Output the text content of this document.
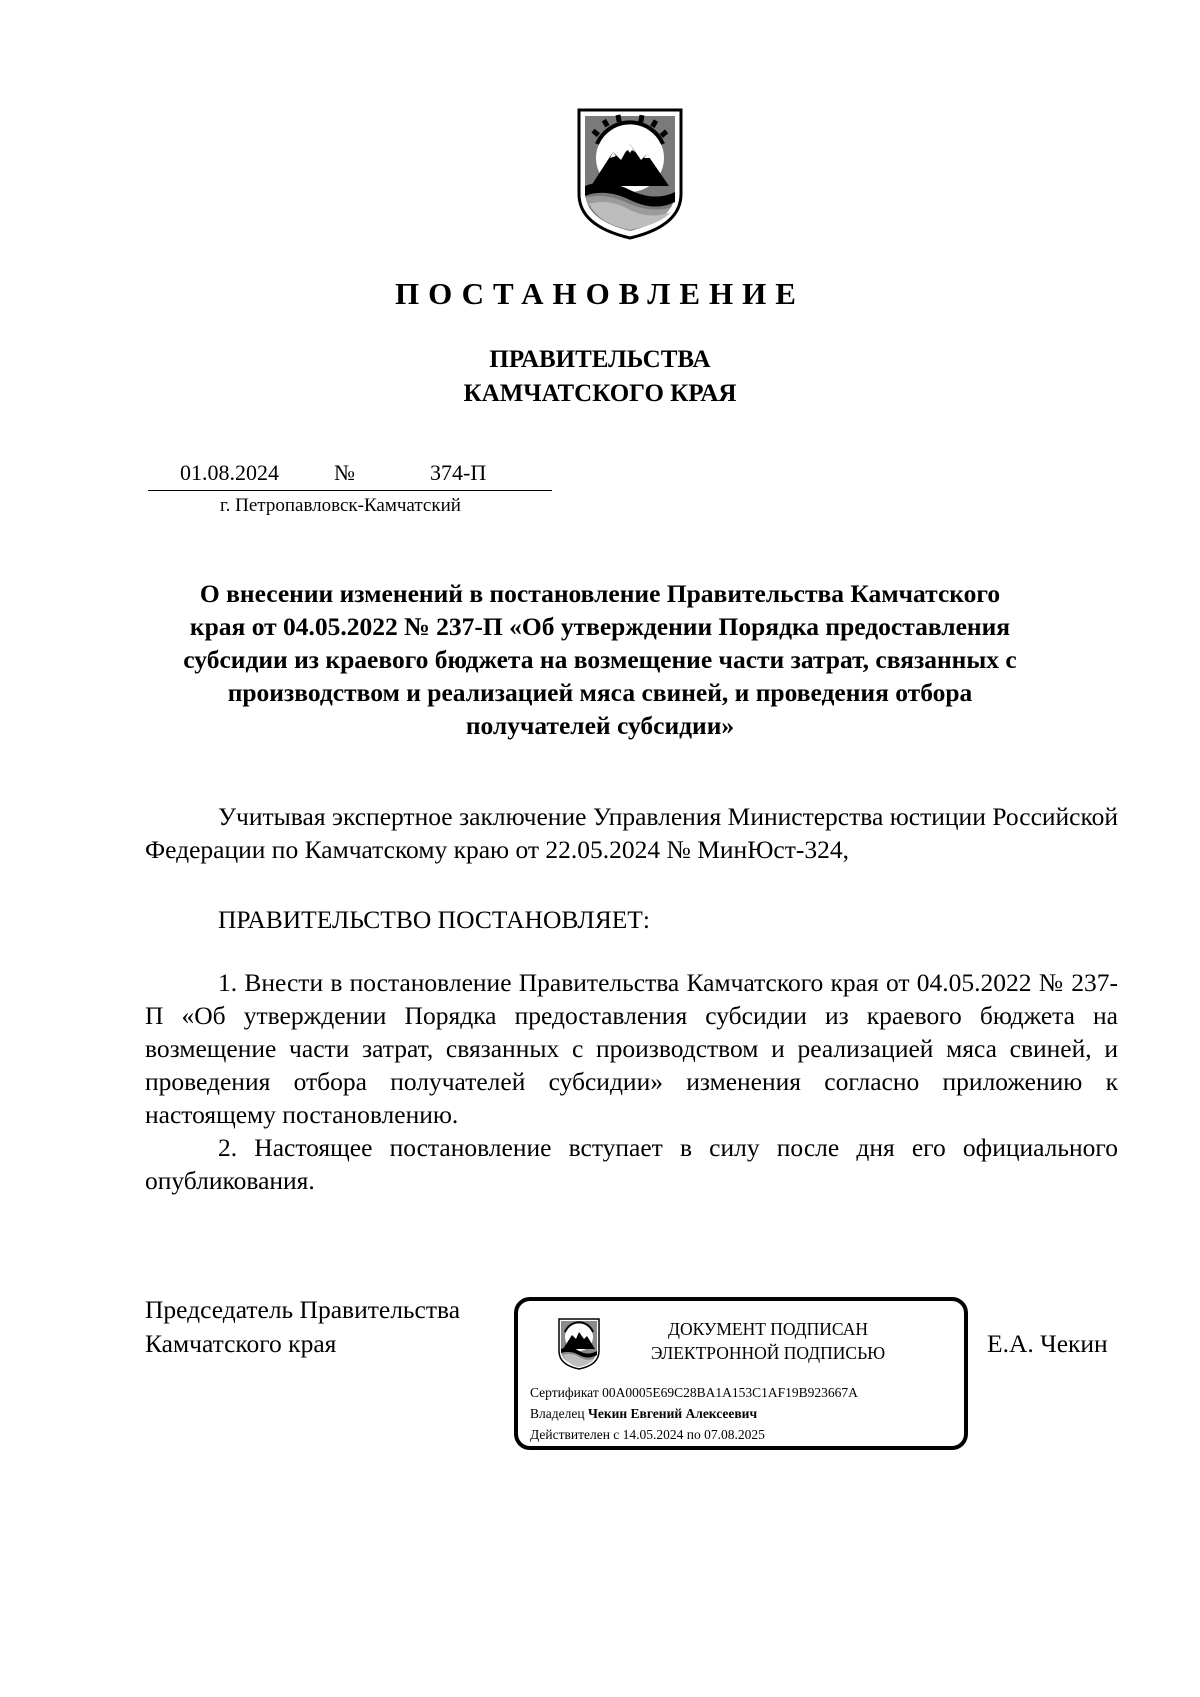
ПОСТАНОВЛЕНИЕ
ПРАВИТЕЛЬСТВА
КАМЧАТСКОГО КРАЯ
01.08.2024	№	374-П
г. Петропавловск-Камчатский
О внесении изменений в постановление Правительства Камчатского
края от 04.05.2022 № 237-П «Об утверждении Порядка предоставления
субсидии из краевого бюджета на возмещение части затрат, связанных с
производством и реализацией мяса свиней, и проведения отбора
получателей субсидии»

Учитывая экспертное заключение Управления Министерства юстиции Российской Федерации по Камчатскому краю от 22.05.2024 № МинЮст-324,

ПРАВИТЕЛЬСТВО ПОСТАНОВЛЯЕТ:

1. Внести в постановление Правительства Камчатского края от 04.05.2022 № 237-П «Об утверждении Порядка предоставления субсидии из краевого бюджета на возмещение части затрат, связанных с производством и реализацией мяса свиней, и проведения отбора получателей субсидии» изменения согласно приложению к настоящему постановлению.

2. Настоящее постановление вступает в силу после дня его официального опубликования.

Председатель Правительства
Камчатского края	ДОКУМЕНТ ПОДПИСАН
ЭЛЕКТРОННОЙ ПОДПИСЬЮ
Сертификат 00A0005E69C28BA1A153C1AF19B923667A
Владелец Чекин Евгений Алексеевич
Действителен с 14.05.2024 по 07.08.2025
Е.А. Чекин
